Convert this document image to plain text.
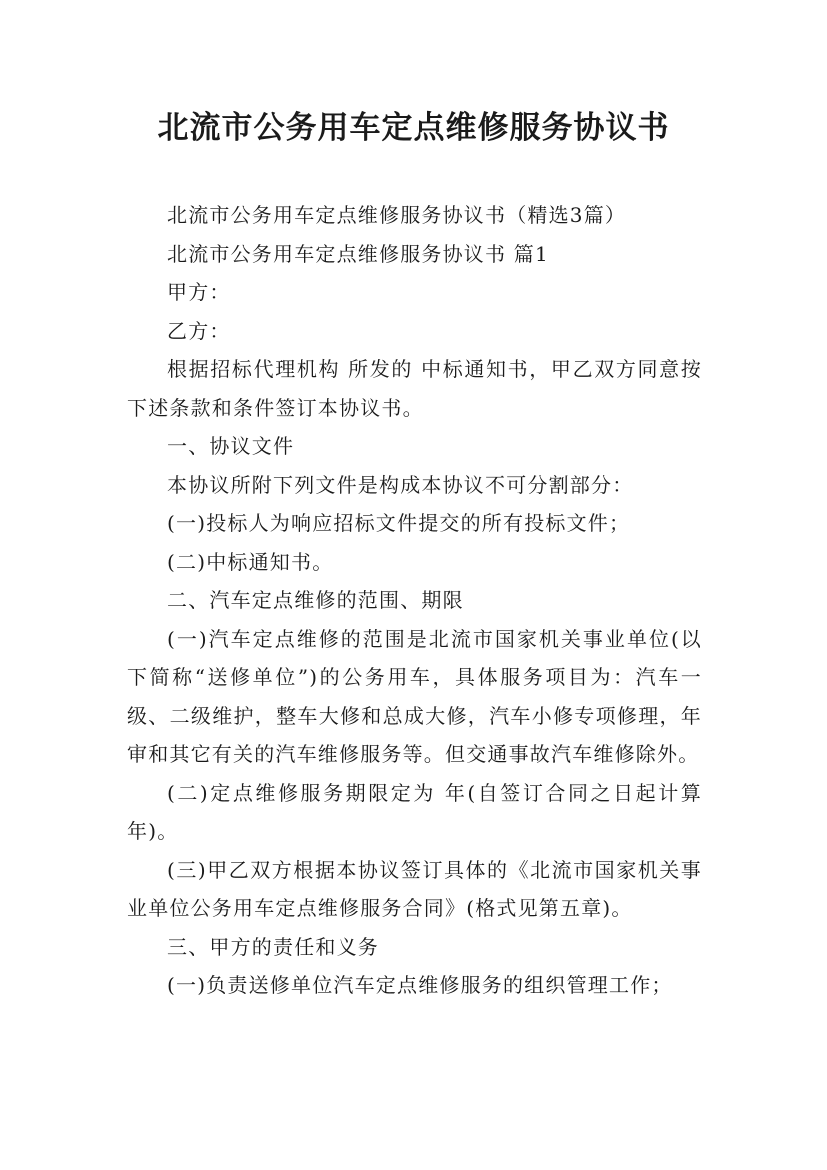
北流市公务用车定点维修服务协议书

北流市公务用车定点维修服务协议书（精选3篇）

北流市公务用车定点维修服务协议书 篇1

甲方：

乙方：

根据招标代理机构 所发的 中标通知书，甲乙双方同意按下述条款和条件签订本协议书。

一、协议文件

本协议所附下列文件是构成本协议不可分割部分：

(一)投标人为响应招标文件提交的所有投标文件；

(二)中标通知书。

二、汽车定点维修的范围、期限

(一)汽车定点维修的范围是北流市国家机关事业单位(以下简称“送修单位”)的公务用车，具体服务项目为：汽车一级、二级维护，整车大修和总成大修，汽车小修专项修理，年审和其它有关的汽车维修服务等。但交通事故汽车维修除外。

(二)定点维修服务期限定为 年(自签订合同之日起计算年)。

(三)甲乙双方根据本协议签订具体的《北流市国家机关事业单位公务用车定点维修服务合同》(格式见第五章)。

三、甲方的责任和义务

(一)负责送修单位汽车定点维修服务的组织管理工作；
